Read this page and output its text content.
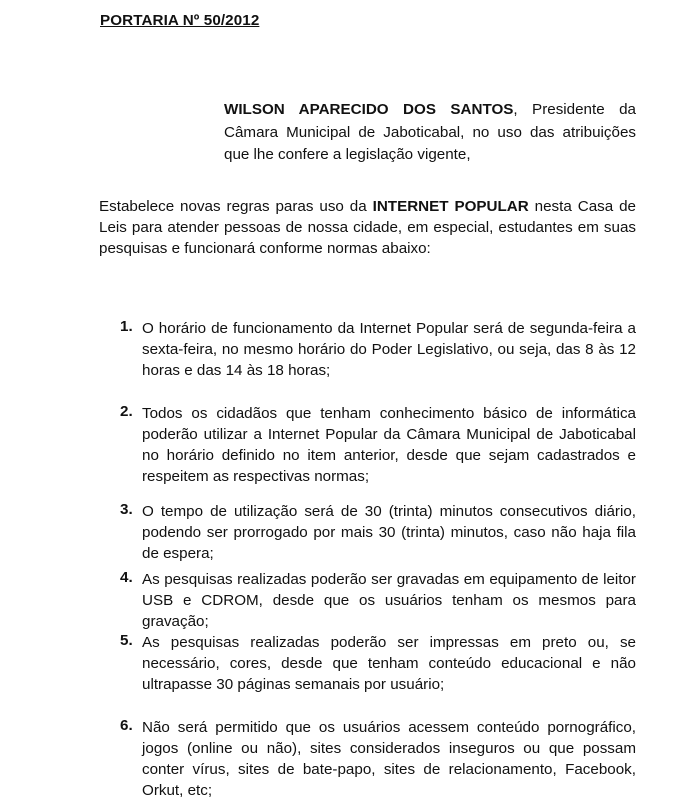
PORTARIA Nº 50/2012
WILSON APARECIDO DOS SANTOS, Presidente da Câmara Municipal de Jaboticabal, no uso das atribuições que lhe confere a legislação vigente,
Estabelece novas regras paras uso da INTERNET POPULAR nesta Casa de Leis para atender pessoas de nossa cidade, em especial, estudantes em suas pesquisas e funcionará conforme normas abaixo:
1. O horário de funcionamento da Internet Popular será de segunda-feira a sexta-feira, no mesmo horário do Poder Legislativo, ou seja, das 8 às 12 horas e das 14 às 18 horas;
2. Todos os cidadãos que tenham conhecimento básico de informática poderão utilizar a Internet Popular da Câmara Municipal de Jaboticabal no horário definido no item anterior, desde que sejam cadastrados e respeitem as respectivas normas;
3. O tempo de utilização será de 30 (trinta) minutos consecutivos diário, podendo ser prorrogado por mais 30 (trinta) minutos, caso não haja fila de espera;
4. As pesquisas realizadas poderão ser gravadas em equipamento de leitor USB e CDROM, desde que os usuários tenham os mesmos para gravação;
5. As pesquisas realizadas poderão ser impressas em preto ou, se necessário, cores, desde que tenham conteúdo educacional e não ultrapasse 30 páginas semanais por usuário;
6. Não será permitido que os usuários acessem conteúdo pornográfico, jogos (online ou não), sites considerados inseguros ou que possam conter vírus, sites de bate-papo, sites de relacionamento, Facebook, Orkut, etc;
